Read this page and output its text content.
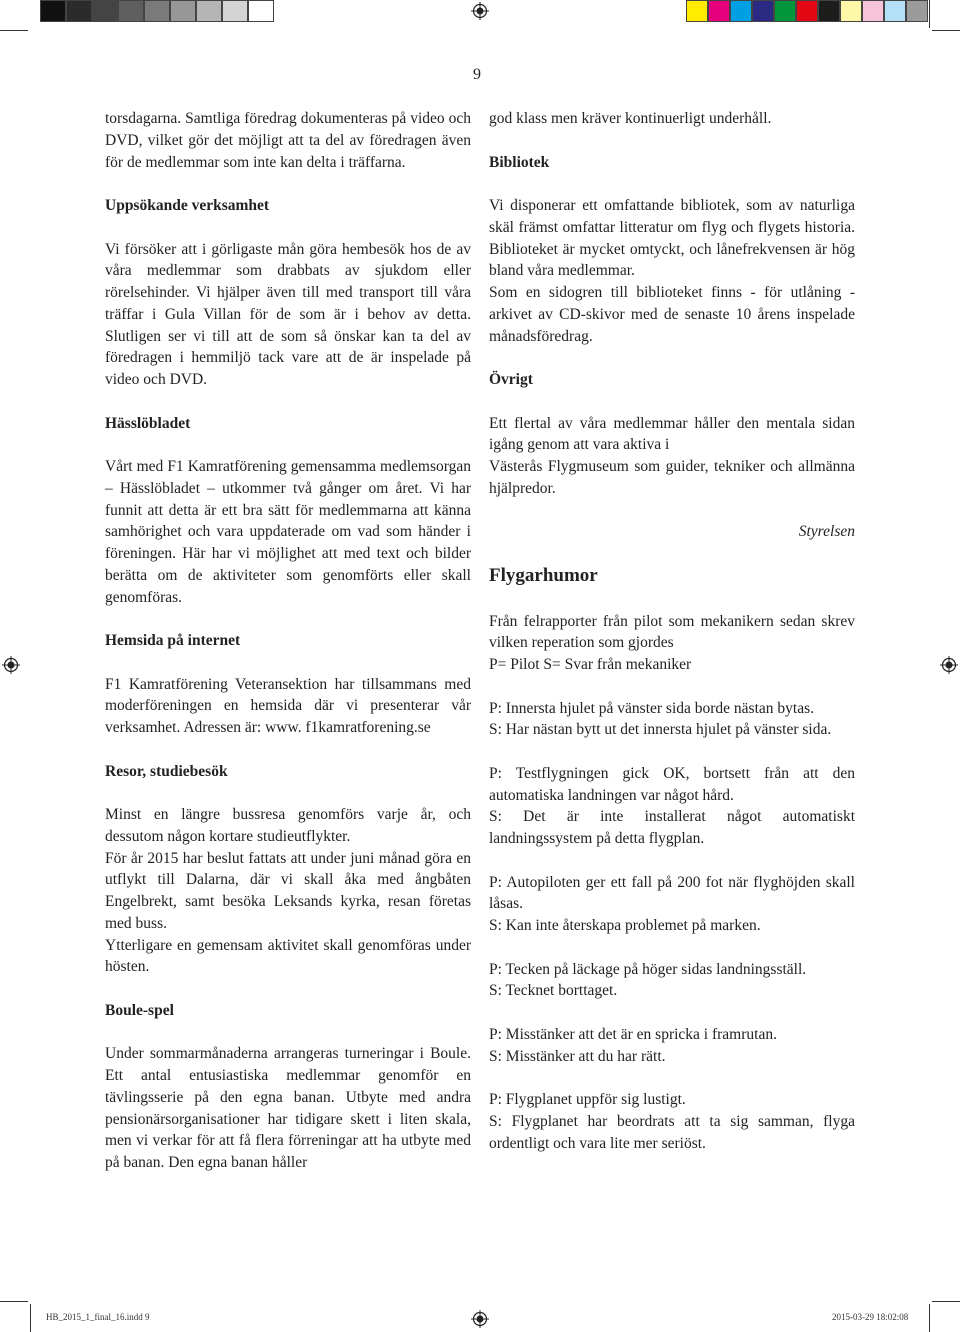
9

torsdagarna. Samtliga föredrag dokumenteras på video och DVD, vilket gör det möjligt att ta del av föredragen även för de medlemmar som inte kan delta i träffarna.

Uppsökande verksamhet

Vi försöker att i görligaste mån göra hembesök hos de av våra medlemmar som drabbats av sjukdom eller rörelsehinder. Vi hjälper även till med transport till våra träffar i Gula Villan för de som är i behov av detta. Slutligen ser vi till att de som så önskar kan ta del av föredragen i hemmiljö tack vare att de är inspelade på video och DVD.

Hässlöbladet

Vårt med F1 Kamratförening gemensamma medlemsorgan – Hässlöbladet – utkommer två gånger om året. Vi har funnit att detta är ett bra sätt för medlemmarna att känna samhörighet och vara uppdaterade om vad som händer i föreningen. Här har vi möjlighet att med text och bilder berätta om de aktiviteter som genomförts eller skall genomföras.

Hemsida på internet

F1 Kamratförening Veteransektion har tillsammans med moderföreningen en hemsida där vi presenterar vår verksamhet. Adressen är: www. f1kamratforening.se

Resor, studiebesök

Minst en längre bussresa genomförs varje år, och dessutom någon kortare studieutflykter.
För år 2015 har beslut fattats att under juni månad göra en utflykt till Dalarna, där vi skall åka med ångbåten Engelbrekt, samt besöka Leksands kyrka, resan företas med buss.
Ytterligare en gemensam aktivitet skall genomföras under hösten.

Boule-spel

Under sommarmånaderna arrangeras turneringar i Boule. Ett antal entusiastiska medlemmar genomför en tävlingsserie på den egna banan. Utbyte med andra pensionärsorganisationer har tidigare skett i liten skala, men vi verkar för att få flera förreningar att ha utbyte med på banan. Den egna banan håller

god klass men kräver kontinuerligt underhåll.

Bibliotek

Vi disponerar ett omfattande bibliotek, som av naturliga skäl främst omfattar litteratur om flyg och flygets historia. Biblioteket är mycket omtyckt, och lånefrekvensen är hög bland våra medlemmar.
Som en sidogren till biblioteket finns - för utlåning - arkivet av CD-skivor med de senaste 10 årens inspelade månadsföredrag.

Övrigt

Ett flertal av våra medlemmar håller den mentala sidan igång genom att vara aktiva i
Västerås Flygmuseum som guider, tekniker och allmänna hjälpredor.

Styrelsen

Flygarhumor

Från felrapporter från pilot som mekanikern sedan skrev vilken reperation som gjordes
P= Pilot S= Svar från mekaniker

P: Innersta hjulet på vänster sida borde nästan bytas.
S: Har nästan bytt ut det innersta hjulet på vänster sida.

P: Testflygningen gick OK, bortsett från att den automatiska landningen var något hård.
S: Det är inte installerat något automatiskt landningssystem på detta flygplan.

P: Autopiloten ger ett fall på 200 fot när flyghöjden skall låsas.
S: Kan inte återskapa problemet på marken.

P: Tecken på läckage på höger sidas landningsställ.
S: Tecknet borttaget.

P: Misstänker att det är en spricka i framrutan.
S: Misstänker att du har rätt.

P: Flygplanet uppför sig lustigt.
S: Flygplanet har beordrats att ta sig samman, flyga ordentligt och vara lite mer seriöst.

HB_2015_1_final_16.indd 9	2015-03-29 18:02:08
